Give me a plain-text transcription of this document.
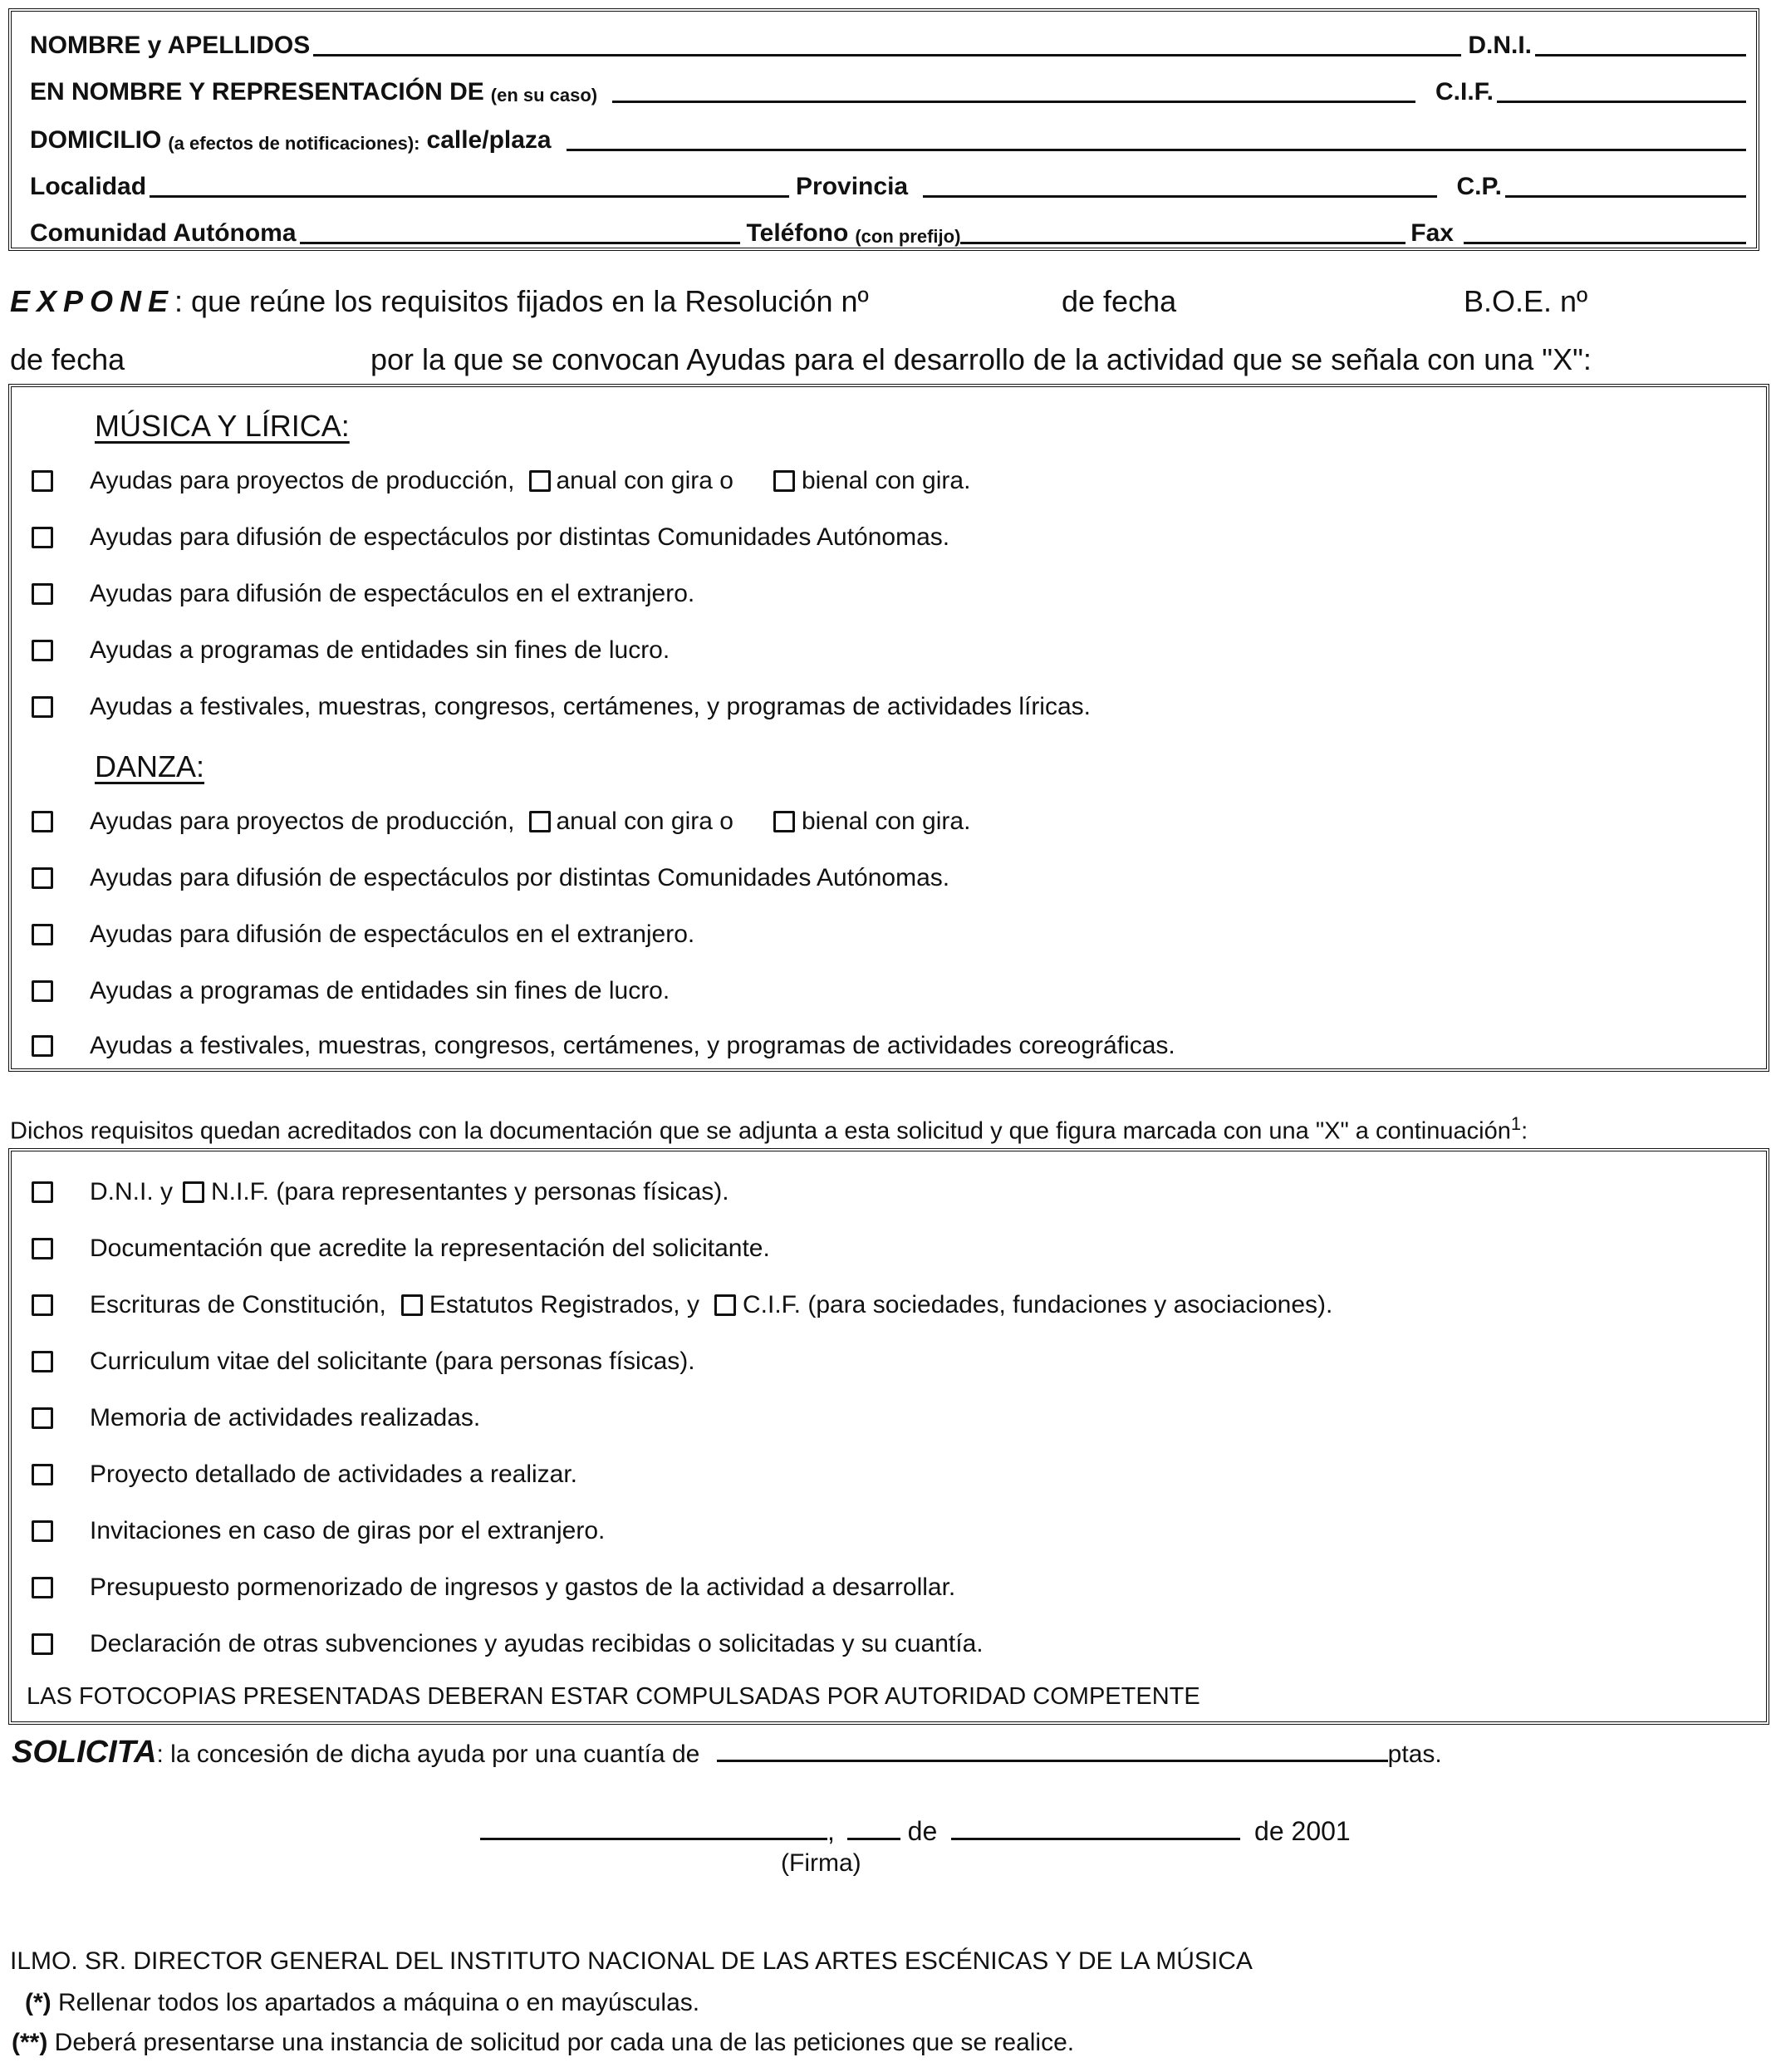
NOMBRE y APELLIDOS	D.N.I.
EN NOMBRE Y REPRESENTACIÓN DE (en su caso)	C.I.F.
DOMICILIO (a efectos de notificaciones): calle/plaza
Localidad	Provincia	C.P.
Comunidad Autónoma	Teléfono (con prefijo)	Fax
EXPONE: que reúne los requisitos fijados en la Resolución nº	de fecha	B.O.E. nº
de fecha	por la que se convocan Ayudas para el desarrollo de la actividad que se señala con una "X":
MÚSICA Y LÍRICA:
Ayudas para proyectos de producción, anual con gira o	bienal con gira.
Ayudas para difusión de espectáculos por distintas Comunidades Autónomas.
Ayudas para difusión de espectáculos en el extranjero.
Ayudas a programas de entidades sin fines de lucro.
Ayudas a festivales, muestras, congresos, certámenes, y programas de actividades líricas.
DANZA:
Ayudas para proyectos de producción, anual con gira o	bienal con gira.
Ayudas para difusión de espectáculos por distintas Comunidades Autónomas.
Ayudas para difusión de espectáculos en el extranjero.
Ayudas a programas de entidades sin fines de lucro.
Ayudas a festivales, muestras, congresos, certámenes, y programas de actividades coreográficas.
Dichos requisitos quedan acreditados con la documentación que se adjunta a esta solicitud y que figura marcada con una "X" a continuación$^1$:
D.N.I. y N.I.F. (para representantes y personas físicas).
Documentación que acredite la representación del solicitante.
Escrituras de Constitución, Estatutos Registrados, y C.I.F. (para sociedades, fundaciones y asociaciones).
Curriculum vitae del solicitante (para personas físicas).
Memoria de actividades realizadas.
Proyecto detallado de actividades a realizar.
Invitaciones en caso de giras por el extranjero.
Presupuesto pormenorizado de ingresos y gastos de la actividad a desarrollar.
Declaración de otras subvenciones y ayudas recibidas o solicitadas y su cuantía.
LAS FOTOCOPIAS PRESENTADAS DEBERAN ESTAR COMPULSADAS POR AUTORIDAD COMPETENTE
SOLICITA: la concesión de dicha ayuda por una cuantía de	ptas.
,	de	de 2001
(Firma)
ILMO. SR. DIRECTOR GENERAL DEL INSTITUTO NACIONAL DE LAS ARTES ESCÉNICAS Y DE LA MÚSICA
(*) Rellenar todos los apartados a máquina o en mayúsculas.
(**) Deberá presentarse una instancia de solicitud por cada una de las peticiones que se realice.
